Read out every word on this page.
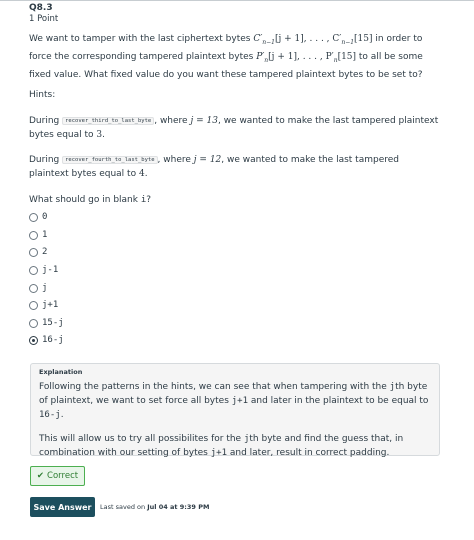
Q8.3
1 Point
We want to tamper with the last ciphertext bytes $C'_{n-1}[j + 1]$, . . . , $C'_{n-1}[15]$ in order to force the corresponding tampered plaintext bytes $P'_n[j + 1]$, . . . , $P'_n[15]$ to all be some fixed value. What fixed value do you want these tampered plaintext bytes to be set to?
Hints:
During recover_third_to_last_byte , where j = 13, we wanted to make the last tampered plaintext bytes equal to 3.
During recover_fourth_to_last_byte , where j = 12, we wanted to make the last tampered plaintext bytes equal to 4.
What should go in blank i?
0
1
2
j-1
j
j+1
15-j
16-j
Explanation

Following the patterns in the hints, we can see that when tampering with the jth byte of plaintext, we want to set force all bytes j+1 and later in the plaintext to be equal to 16-j.

This will allow us to try all possibilites for the jth byte and find the guess that, in combination with our setting of bytes j+1 and later, result in correct padding.

✔ Correct
Save Answer	Last saved on Jul 04 at 9:39 PM
